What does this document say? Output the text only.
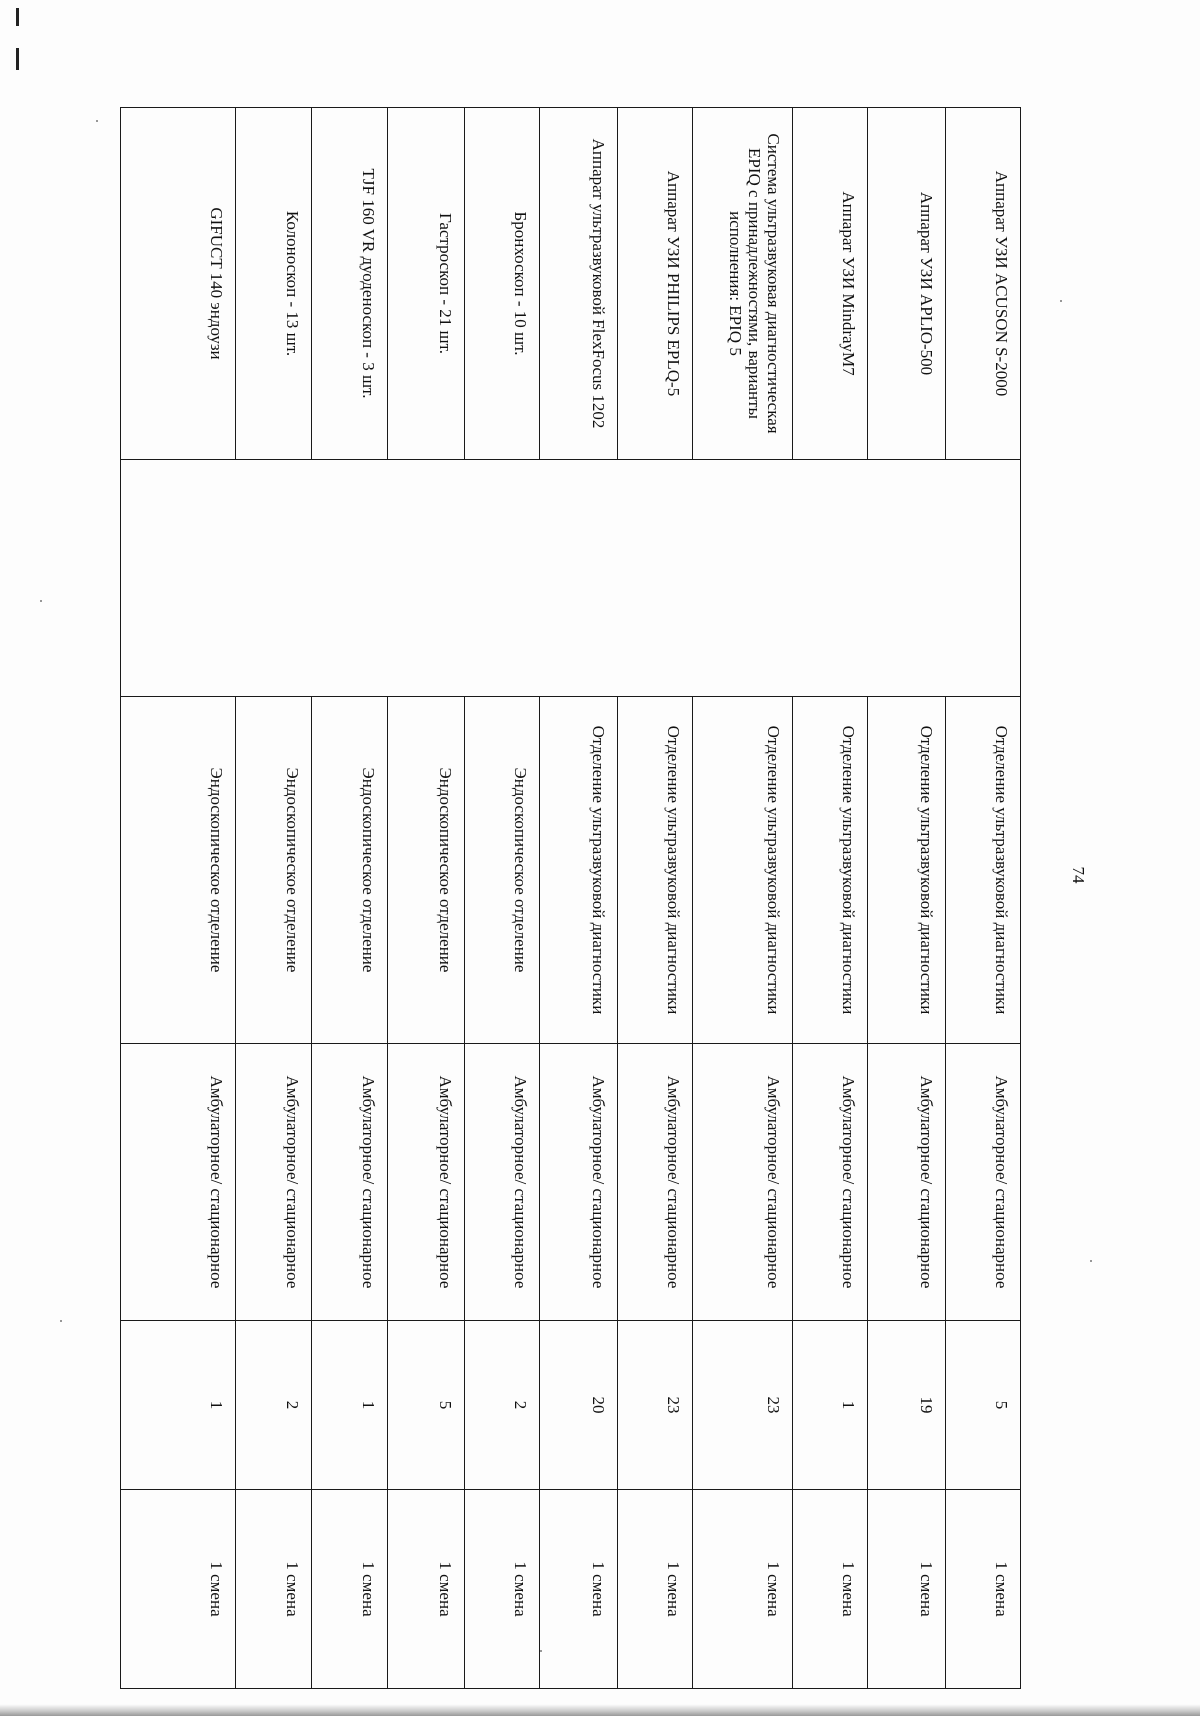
74
Аппарат УЗИ ACUSON S-2000		Отделение ультразвуковой диагностики	Амбулаторное/ стационарное	5	1 смена
Аппарат УЗИ APLIO-500		Отделение ультразвуковой диагностики	Амбулаторное/ стационарное	19	1 смена
Аппарат УЗИ MindrayM7		Отделение ультразвуковой диагностики	Амбулаторное/ стационарное	1	1 смена
Система ультразвуковая диагностическая EPIQ с принадлежностями, варианты исполнения: EPIQ 5		Отделение ультразвуковой диагностики	Амбулаторное/ стационарное	23	1 смена
Аппарат УЗИ PHILIPS EPLQ-5		Отделение ультразвуковой диагностики	Амбулаторное/ стационарное	23	1 смена
Аппарат ультразвуковой FlexFocus 1202		Отделение ультразвуковой диагностики	Амбулаторное/ стационарное	20	1 смена
Бронхоскоп - 10 шт.		Эндоскопическое отделение	Амбулаторное/ стационарное	2	1 смена
Гастроскоп - 21 шт.		Эндоскопическое отделение	Амбулаторное/ стационарное	5	1 смена
TJF 160 VR дуоденоскоп - 3 шт.		Эндоскопическое отделение	Амбулаторное/ стационарное	1	1 смена
Колоноскоп - 13 шт.		Эндоскопическое отделение	Амбулаторное/ стационарное	2	1 смена
GIFUCT 140 эндоузи		Эндоскопическое отделение	Амбулаторное/ стационарное	1	1 смена
